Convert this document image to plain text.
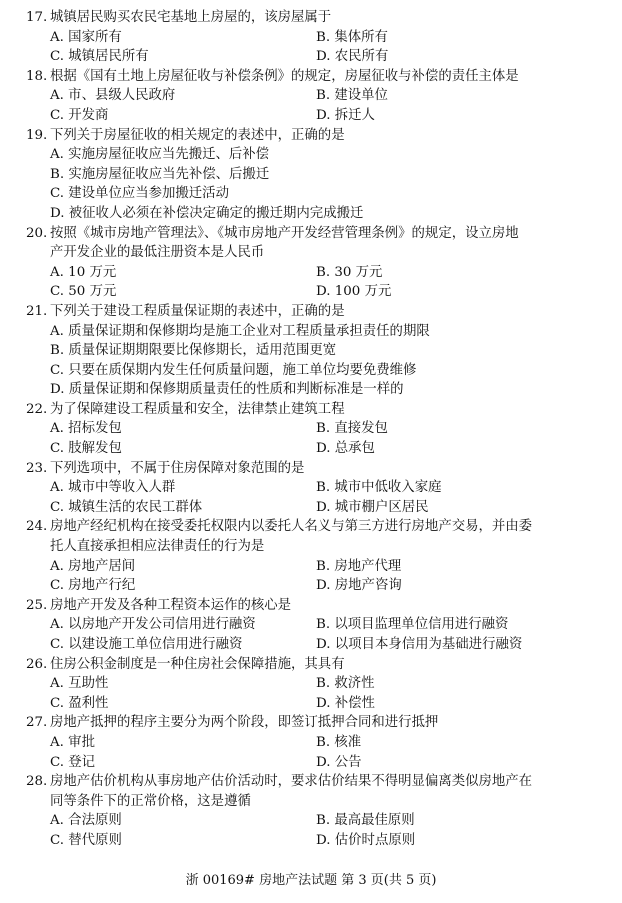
17. 城镇居民购买农民宅基地上房屋的，该房屋属于
A. 国家所有	B. 集体所有
C. 城镇居民所有	D. 农民所有
18. 根据《国有土地上房屋征收与补偿条例》的规定，房屋征收与补偿的责任主体是
A. 市、县级人民政府	B. 建设单位
C. 开发商	D. 拆迁人
19. 下列关于房屋征收的相关规定的表述中，正确的是
A. 实施房屋征收应当先搬迁、后补偿
B. 实施房屋征收应当先补偿、后搬迁
C. 建设单位应当参加搬迁活动
D. 被征收人必须在补偿决定确定的搬迁期内完成搬迁
20. 按照《城市房地产管理法》、《城市房地产开发经营管理条例》的规定，设立房地
产开发企业的最低注册资本是人民币
A. 10 万元	B. 30 万元
C. 50 万元	D. 100 万元
21. 下列关于建设工程质量保证期的表述中，正确的是
A. 质量保证期和保修期均是施工企业对工程质量承担责任的期限
B. 质量保证期期限要比保修期长，适用范围更宽
C. 只要在质保期内发生任何质量问题，施工单位均要免费维修
D. 质量保证期和保修期质量责任的性质和判断标准是一样的
22. 为了保障建设工程质量和安全，法律禁止建筑工程
A. 招标发包	B. 直接发包
C. 肢解发包	D. 总承包
23. 下列选项中，不属于住房保障对象范围的是
A. 城市中等收入人群	B. 城市中低收入家庭
C. 城镇生活的农民工群体	D. 城市棚户区居民
24. 房地产经纪机构在接受委托权限内以委托人名义与第三方进行房地产交易，并由委
托人直接承担相应法律责任的行为是
A. 房地产居间	B. 房地产代理
C. 房地产行纪	D. 房地产咨询
25. 房地产开发及各种工程资本运作的核心是
A. 以房地产开发公司信用进行融资	B. 以项目监理单位信用进行融资
C. 以建设施工单位信用进行融资	D. 以项目本身信用为基础进行融资
26. 住房公积金制度是一种住房社会保障措施，其具有
A. 互助性	B. 救济性
C. 盈利性	D. 补偿性
27. 房地产抵押的程序主要分为两个阶段，即签订抵押合同和进行抵押
A. 审批	B. 核准
C. 登记	D. 公告
28. 房地产估价机构从事房地产估价活动时，要求估价结果不得明显偏离类似房地产在
同等条件下的正常价格，这是遵循
A. 合法原则	B. 最高最佳原则
C. 替代原则	D. 估价时点原则
浙 00169# 房地产法试题 第 3 页(共 5 页)
